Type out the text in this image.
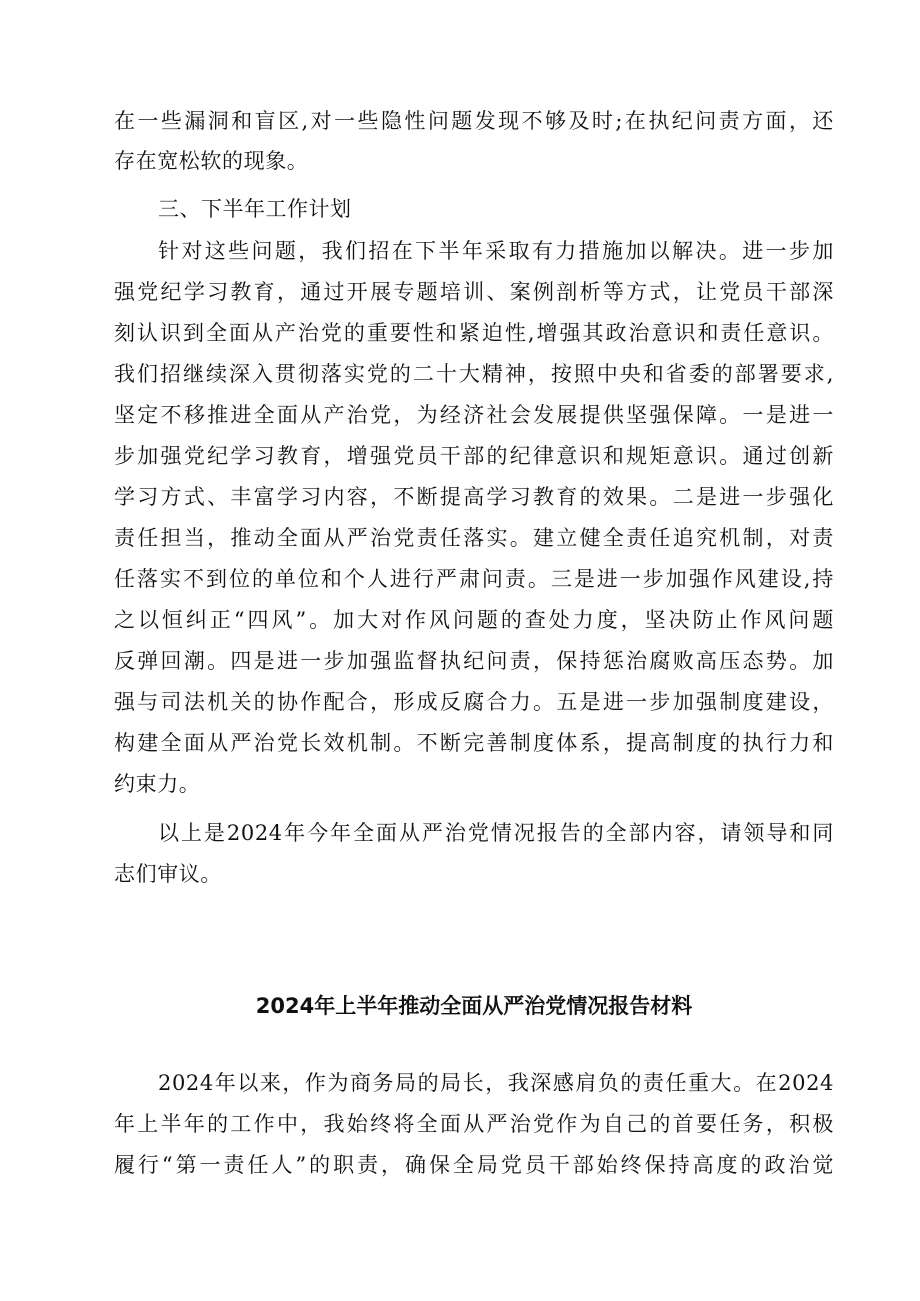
在一些漏洞和盲区,对一些隐性问题发现不够及时;在执纪问责方面，还
存在宽松软的现象。
三、下半年工作计划
针对这些问题，我们招在下半年采取有力措施加以解决。进一步加
强党纪学习教育，通过开展专题培训、案例剖析等方式，让党员干部深
刻认识到全面从产治党的重要性和紧迫性,增强其政治意识和责任意识。
我们招继续深入贯彻落实党的二十大精神，按照中央和省委的部署要求,
坚定不移推进全面从产治党，为经济社会发展提供坚强保障。一是进一
步加强党纪学习教育，增强党员干部的纪律意识和规矩意识。通过创新
学习方式、丰富学习内容，不断提高学习教育的效果。二是进一步强化
责任担当，推动全面从严治党责任落实。建立健全责任追究机制，对责
任落实不到位的单位和个人进行严肃问责。三是进一步加强作风建设,持
之以恒纠正“四风”。加大对作风问题的查处力度，坚决防止作风问题
反弹回潮。四是进一步加强监督执纪问责，保持惩治腐败高压态势。加
强与司法机关的协作配合，形成反腐合力。五是进一步加强制度建设，
构建全面从严治党长效机制。不断完善制度体系，提高制度的执行力和
约束力。
以上是2024年今年全面从严治党情况报告的全部内容，请领导和同
志们审议。
2024年上半年推动全面从严治党情况报告材料
2024年以来，作为商务局的局长，我深感肩负的责任重大。在2024
年上半年的工作中，我始终将全面从严治党作为自己的首要任务，积极
履行“第一责任人”的职责，确保全局党员干部始终保持高度的政治觉
